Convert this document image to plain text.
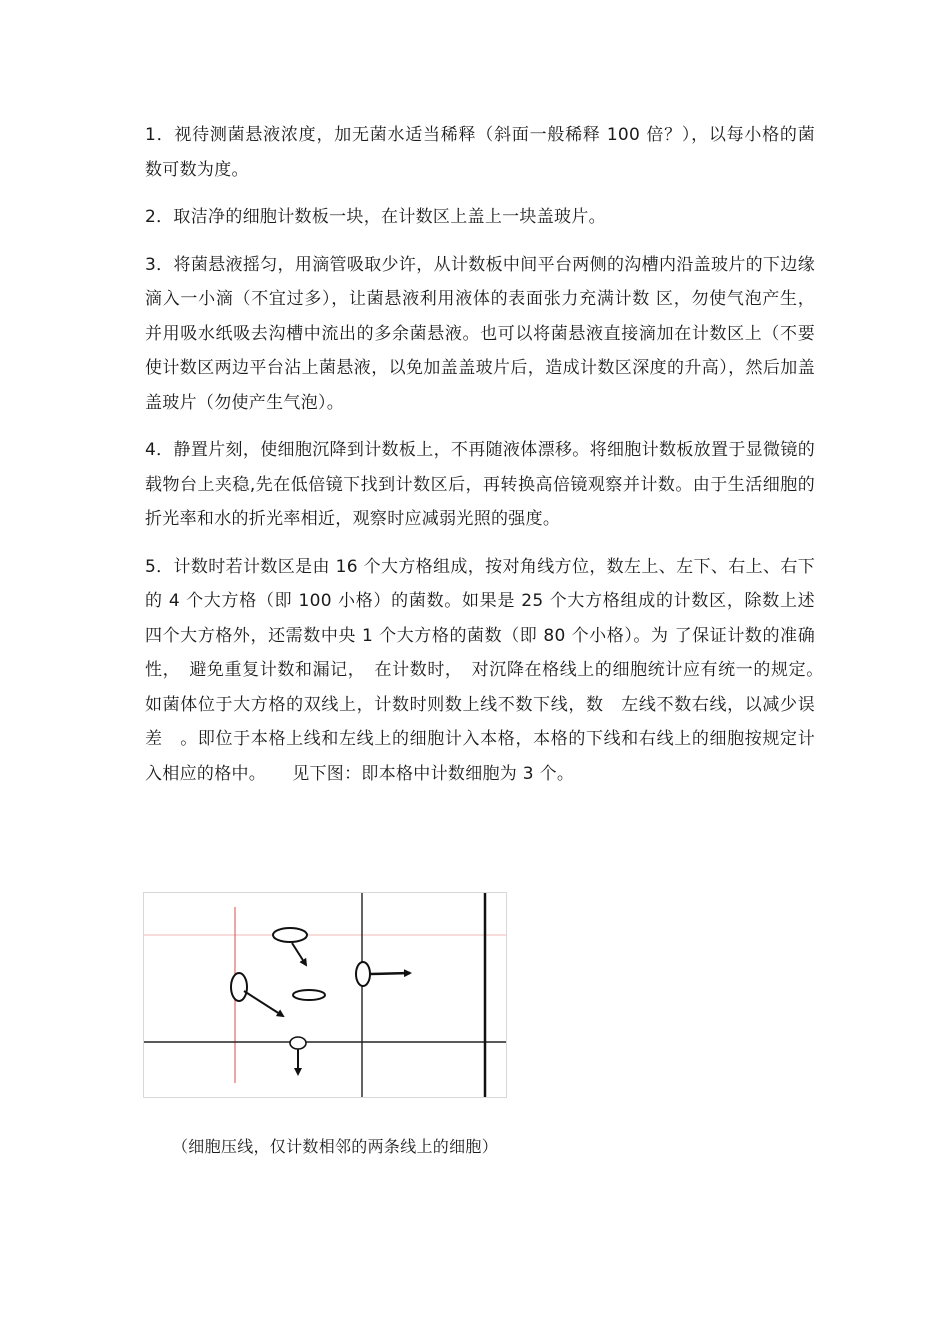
1．视待测菌悬液浓度，加无菌水适当稀释（斜面一般稀释 100 倍？），以每小格的菌数可数为度。

2．取洁净的细胞计数板一块，在计数区上盖上一块盖玻片。

3．将菌悬液摇匀，用滴管吸取少许，从计数板中间平台两侧的沟槽内沿盖玻片的下边缘滴入一小滴（不宜过多），让菌悬液利用液体的表面张力充满计数 区，勿使气泡产生，并用吸水纸吸去沟槽中流出的多余菌悬液。也可以将菌悬液直接滴加在计数区上（不要使计数区两边平台沾上菌悬液，以免加盖盖玻片后，造成计数区深度的升高），然后加盖盖玻片（勿使产生气泡）。

4．静置片刻，使细胞沉降到计数板上，不再随液体漂移。将细胞计数板放置于显微镜的载物台上夹稳,先在低倍镜下找到计数区后，再转换高倍镜观察并计数。由于生活细胞的折光率和水的折光率相近，观察时应减弱光照的强度。

5．计数时若计数区是由 16 个大方格组成，按对角线方位，数左上、左下、右上、右下的 4 个大方格（即 100 小格）的菌数。如果是 25 个大方格组成的计数区，除数上述四个大方格外，还需数中央 1 个大方格的菌数（即 80 个小格）。为 了保证计数的准确性，　避免重复计数和漏记，　在计数时，　对沉降在格线上的细胞统计应有统一的规定。　如菌体位于大方格的双线上，计数时则数上线不数下线，数　左线不数右线，以减少误差　。即位于本格上线和左线上的细胞计入本格，本格的下线和右线上的细胞按规定计入相应的格中。　　见下图：即本格中计数细胞为 3 个。

（细胞压线，仅计数相邻的两条线上的细胞）
